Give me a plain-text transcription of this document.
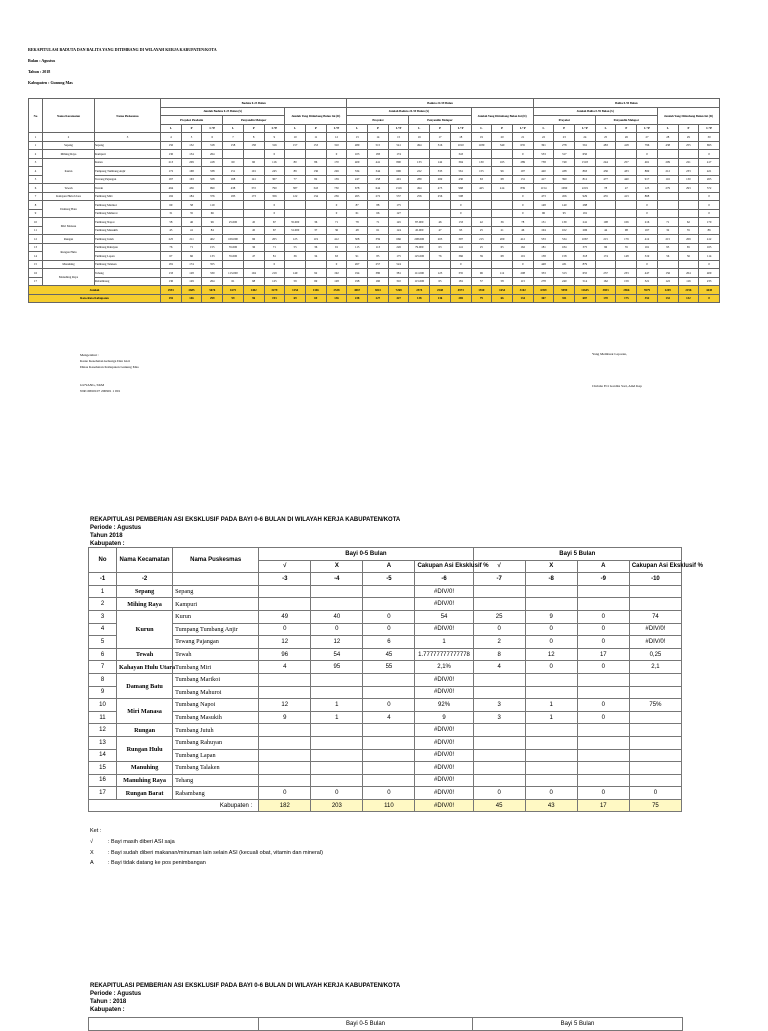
REKAPITULASI BADUTA DAN BALITA YANG DITIMBANG DI WILAYAH KERJA KABUPATEN/KOTA
Bulan : Agustus
Tahun : 2018
Kabupaten : Gunung Mas
No	Nama Kecamatan	Nama Puskesmas	Baduta 0-23 Bulan									Baduta 24-59 Bulan									Balita 0-59 Bulan								
			Jumlah Baduta 0-23 Bulan (S)						Jumlah Yang Ditimbang Bulan Ini (D)			Jumlah Baduta 24-59 Bulan (S)						Jumlah Yang Ditimbang Bulan Ini (D)			Jumlah Balita 0-59 Bulan (S)						Jumlah Yang Ditimbang Bulan Ini (D)		
			Proyeksi Pusdatin			Penyandin Melapor						Proyeksi			Penyandin Melapor						Proyeksi			Penyandin Melapor					
			L	P	L+P	L	P	L+P	L	P	L+P	L	P	L+P	L	P	L+P	L	P	L+P	L	P	L+P	L	P	L+P	L	P	L+P
1	2	3	4	5	6	7	8	9	10	11	12	13	14	15	16	17	18	19	20	21	22	23	24	25	26	27	28	29	30
1	Sepang	Sepang	150	152	318	158	158	316	157	153	310	489	515	541	494	516	1010	1189	340	635	391	278	561	483	418	796	438	255	693
2	Mihing Raya	Kampuri	130	134	264			0			0	103	183	174			343			0	533	317	650			0			0
3	Kurun	Kurun	213	209	418	60	60	116	80	86	170	409	441	800	133	142	394	130	165	289	758	749	1518	244	257	461	209	221	417
4		Tumpang Tumbang Anjir	172	168	338	151	101	245	89	136	226	334	344	696	222	333	561	155	96	197	420	438	863	436	433	869	212	233	421
5		Tewang Pajangan	167	163	328	168	141	307	77	82	159	247	258	491	289	269	430	63	68	131	417	390	812	477	440	917	116	130	265
6	Tewah	Tewah	494	456	990	438	372	790	387	343	730	678	644	1316	494	475	968	425	414	839	1154	1090	2219	78	47	125	279	293	572
7	Kahayan Hulu Utara	Tumbang Miri	192	184	376	183	173	356	122	134	256	265	272	537	256	256	508			0	473	456	929	455	413	868			0
8	Damang Batu	Tumbang Marikoi	69	58	119			0			0	87	88	175			0			0	148	140	288			0			0
9		Tumbang Mahuroi	31	35	66			0			0	61	66	127			0			0	96	95	191			0			0
10	Miri Manasa	Tumbang Napoi	58	46	96	25.000	45	67	35.000	36	71	78	71	145	87.000	46	133	42	36	78	151	139	241	108	106	216	71	62	170
11		Tumbang Masukih	45	41	84		45	67	31.000	37	36	48	61	124	45.000	47	93	25	21	46	104	102	206	44	98	167	32	35	86
12	Rungan	Tumbang Jutuh	225	211	402	109.000	96	205	125	119	412	308	359	666	208.000	203	397	215	209	412	533	534	1067	215	179	412	215	209	412
13	Rungan Hulu	Tumbang Rahuyan	76	71	155	35.000	36	71	55	36	91	115	113	226	79.000	63	141	25	65	162	181	184	375	96	35	161	95	65	165
14		Tumbang Lapan	67	66	133	35.000	47	81	36	34	63	91	85	175	125.000	76	366	39	68	101	158	158	318	174	148	319	56	56	114
15	Manuhing	Tumbang Talaken	181	174	355			0			0	267	257	524			0			0	448	431	879			0			0
16	Manuhing Raya	Tehang	133	128	330	113.000	104	219	149	92	192	194	380	381	111.000	123	335	96	112	208	333	313	655	237	233	447	156	204	409
17		Rabambang	130	129	264	61	68	125	59	69	128	198	160	310	115.000	65	181	57	58	115	278	240	514	162	159	321	122	116	233
Jumlah			2991	2685	5676	1675	1402	3279	1254	1346	2538	4067	3841	7268	2574	2548	4973	1550	1654	3102	6399	5999	11645	3853	2966	5979	2249	2196	4445
Rata-Rata Kabupaten			192	146	299	99	96	193	69	69	136	238	227	427	138	136	269	79	66	134	367	351	687	170	175	352	132	132	0
Mengetahui :
Kasie Kesehatan keluarga Dan Gizi
Dinas Kesehatan Kabupaten Gunung Mas
GUYANG, SKM
NIP.19650107 200901 1 001
Yang Membuat Laporan,
Christie Evi Gardita Sari, Amd Kep
REKAPITULASI PEMBERIAN ASI EKSKLUSIF PADA BAYI 0-6 BULAN DI WILAYAH KERJA KABUPATEN/KOTA
Periode : Agustus
Tahun 2018
Kabupaten :
No	Nama Kecamatan	Nama Puskesmas	Bayi 0-5 Bulan				Bayi 5 Bulan			
			√	X	A	Cakupan Asi Eksklusif %	√	X	A	Cakupan Asi Eksklusif %
-1	-2		-3	-4	-5	-6	-7	-8	-9	-10
1	Sepang	Sepang				#DIV/0!				
2	Mihing Raya	Kampuri				#DIV/0!				
3	Kurun	Kurun	49	40	0	54	25	9	0	74
4		Tumpang Tumbang Anjir	0	0	0	#DIV/0!	0	0	0	#DIV/0!
5		Tewang Pajangan	12	12	6	1	2	0	0	#DIV/0!
6	Tewah	Tewah	96	54	45	1.77777777777778	8	12	17	0,25
7	Kahayan Hulu Utara	Tumbang Miri	4	95	55	2,1%	4	0	0	2,1
8	Damang Batu	Tumbang Marikoi				#DIV/0!				
9		Tumbang Mahuroi				#DIV/0!				
10	Miri Manasa	Tumbang Napoi	12	1	0	92%	3	1	0	75%
11		Tumbang Masukih	9	1	4	9	3	1	0	
12	Rungan	Tumbang Jutuh				#DIV/0!				
13	Rungan Hulu	Tumbang Rahuyan				#DIV/0!				
14		Tumbang Lapan				#DIV/0!				
15	Manuhing	Tumbang Talaken				#DIV/0!				
16	Manuhing Raya	Tehang				#DIV/0!				
17	Rungan Barat	Rabambang	0	0	0	#DIV/0!	0	0	0	0
Kabupaten :			182	203	110	#DIV/0!	45	43	17	75
Ket :
√	: Bayi masih diberi ASI saja
X	: Bayi sudah diberi makanan/minuman lain selain ASI (kecuali obat, vitamin dan mineral)
A	: Bayi tidak datang ke pos penimbangan
REKAPITULASI PEMBERIAN ASI EKSKLUSIF PADA BAYI 0-6 BULAN DI WILAYAH KERJA KABUPATEN/KOTA
Periode : Agustus
Tahun : 2018
Kabupaten :
	Bayi 0-5 Bulan	Bayi 5 Bulan
